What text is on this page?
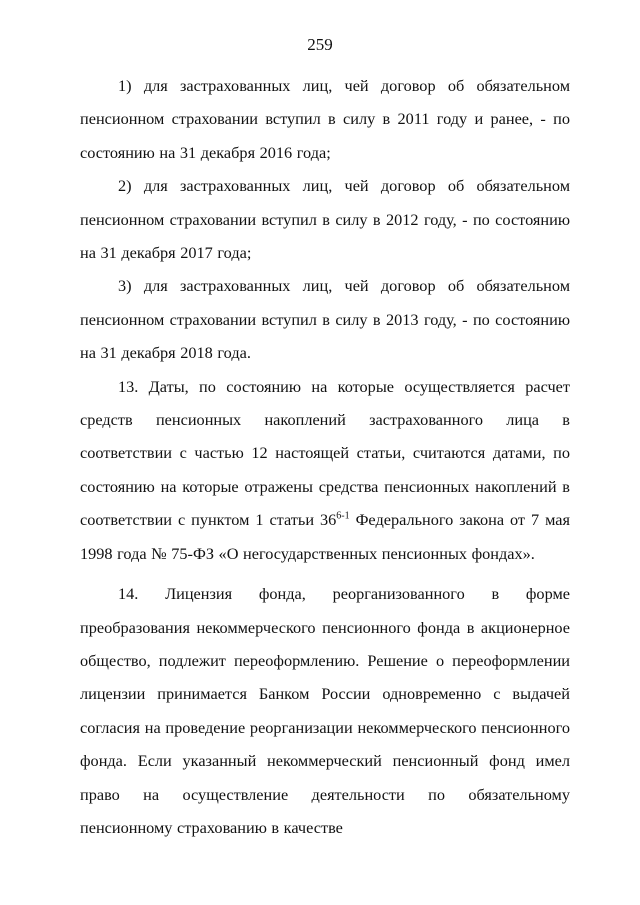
259

1) для застрахованных лиц, чей договор об обязательном пенсионном страховании вступил в силу в 2011 году и ранее, - по состоянию на 31 декабря 2016 года;

2) для застрахованных лиц, чей договор об обязательном пенсионном страховании вступил в силу в 2012 году, - по состоянию на 31 декабря 2017 года;

3) для застрахованных лиц, чей договор об обязательном пенсионном страховании вступил в силу в 2013 году, - по состоянию на 31 декабря 2018 года.

13. Даты, по состоянию на которые осуществляется расчет средств пенсионных накоплений застрахованного лица в соответствии с частью 12 настоящей статьи, считаются датами, по состоянию на которые отражены средства пенсионных накоплений в соответствии с пунктом 1 статьи 36$^{6-1}$ Федерального закона от 7 мая 1998 года № 75-ФЗ «О негосударственных пенсионных фондах».

14. Лицензия фонда, реорганизованного в форме преобразования некоммерческого пенсионного фонда в акционерное общество, подлежит переоформлению. Решение о переоформлении лицензии принимается Банком России одновременно с выдачей согласия на проведение реорганизации некоммерческого пенсионного фонда. Если указанный некоммерческий пенсионный фонд имел право на осуществление деятельности по обязательному пенсионному страхованию в качестве
